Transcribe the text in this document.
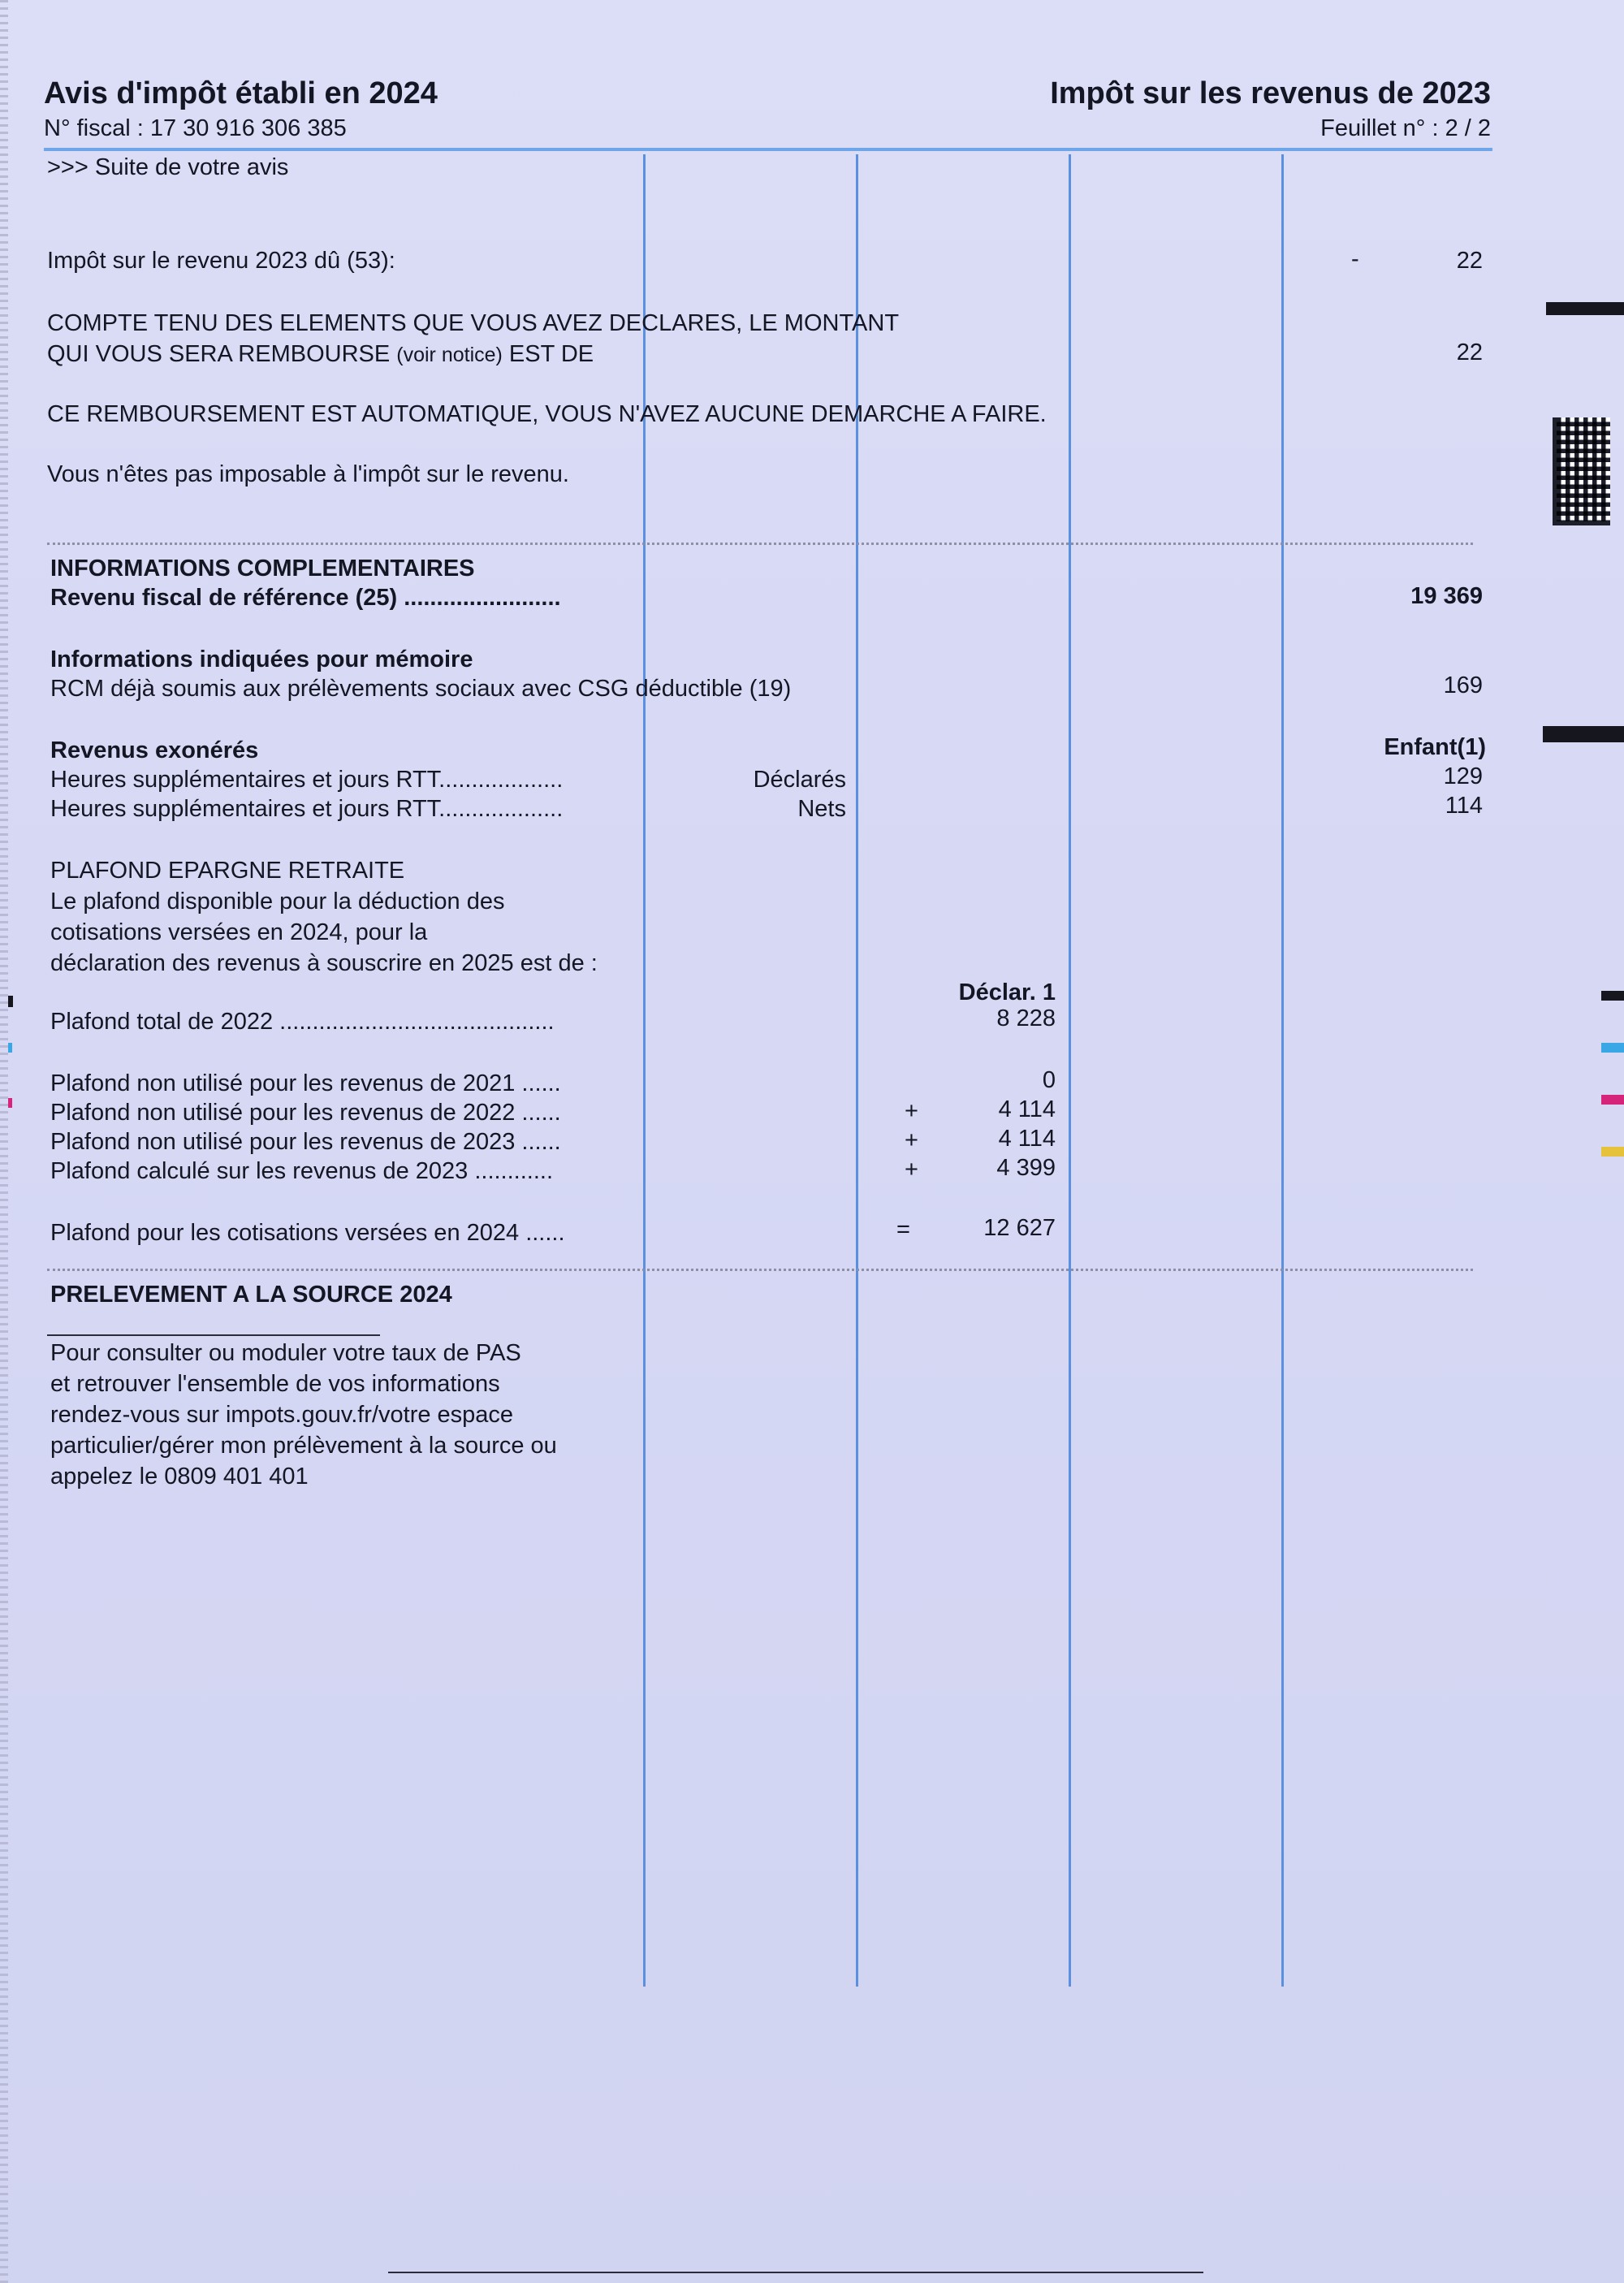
Avis d'impôt établi en 2024	Impôt sur les revenus de 2023
N° fiscal : 17 30 916 306 385	Feuillet n° : 2 / 2
>>> Suite de votre avis
Impôt sur le revenu 2023 dû (53):	-	22
COMPTE TENU DES ELEMENTS QUE VOUS AVEZ DECLARES, LE MONTANT
QUI VOUS SERA REMBOURSE (voir notice) EST DE	22
CE REMBOURSEMENT EST AUTOMATIQUE, VOUS N'AVEZ AUCUNE DEMARCHE A FAIRE.
Vous n'êtes pas imposable à l'impôt sur le revenu.
INFORMATIONS COMPLEMENTAIRES
Revenu fiscal de référence (25) ........................	19 369
Informations indiquées pour mémoire
RCM déjà soumis aux prélèvements sociaux avec CSG déductible (19)	169
Revenus exonérés	Enfant(1)
Heures supplémentaires et jours RTT...................	Déclarés	129
Heures supplémentaires et jours RTT...................	Nets	114
PLAFOND EPARGNE RETRAITE
Le plafond disponible pour la déduction des
cotisations versées en 2024, pour la
déclaration des revenus à souscrire en 2025 est de :
Déclar. 1
Plafond total de 2022 ..........................................	8 228
Plafond non utilisé pour les revenus de 2021 ......	0
Plafond non utilisé pour les revenus de 2022 ......	+	4 114
Plafond non utilisé pour les revenus de 2023 ......	+	4 114
Plafond calculé sur les revenus de 2023 ............	+	4 399
Plafond pour les cotisations versées en 2024 ......	=	12 627
PRELEVEMENT A LA SOURCE 2024
Pour consulter ou moduler votre taux de PAS
et retrouver l'ensemble de vos informations
rendez-vous sur impots.gouv.fr/votre espace
particulier/gérer mon prélèvement à la source ou
appelez le 0809 401 401
